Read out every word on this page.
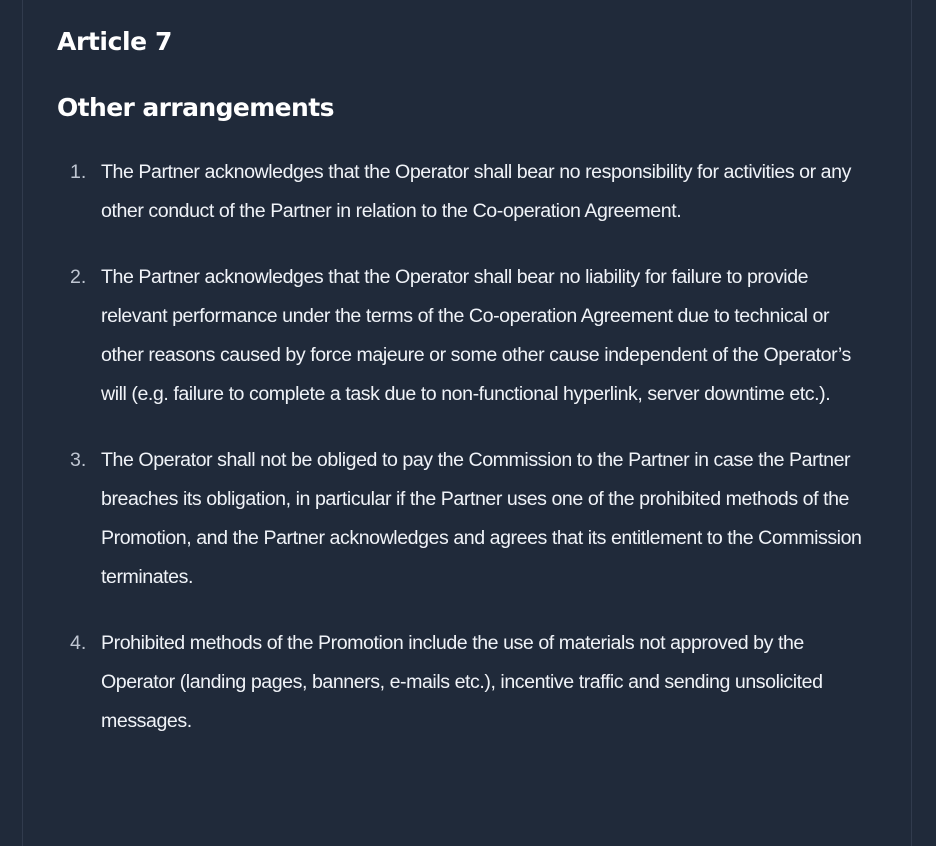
Article 7
Other arrangements
1. The Partner acknowledges that the Operator shall bear no responsibility for activities or any other conduct of the Partner in relation to the Co-operation Agreement.
2. The Partner acknowledges that the Operator shall bear no liability for failure to provide relevant performance under the terms of the Co-operation Agreement due to technical or other reasons caused by force majeure or some other cause independent of the Operator’s will (e.g. failure to complete a task due to non-functional hyperlink, server downtime etc.).
3. The Operator shall not be obliged to pay the Commission to the Partner in case the Partner breaches its obligation, in particular if the Partner uses one of the prohibited methods of the Promotion, and the Partner acknowledges and agrees that its entitlement to the Commission terminates.
4. Prohibited methods of the Promotion include the use of materials not approved by the Operator (landing pages, banners, e-mails etc.), incentive traffic and sending unsolicited messages.
